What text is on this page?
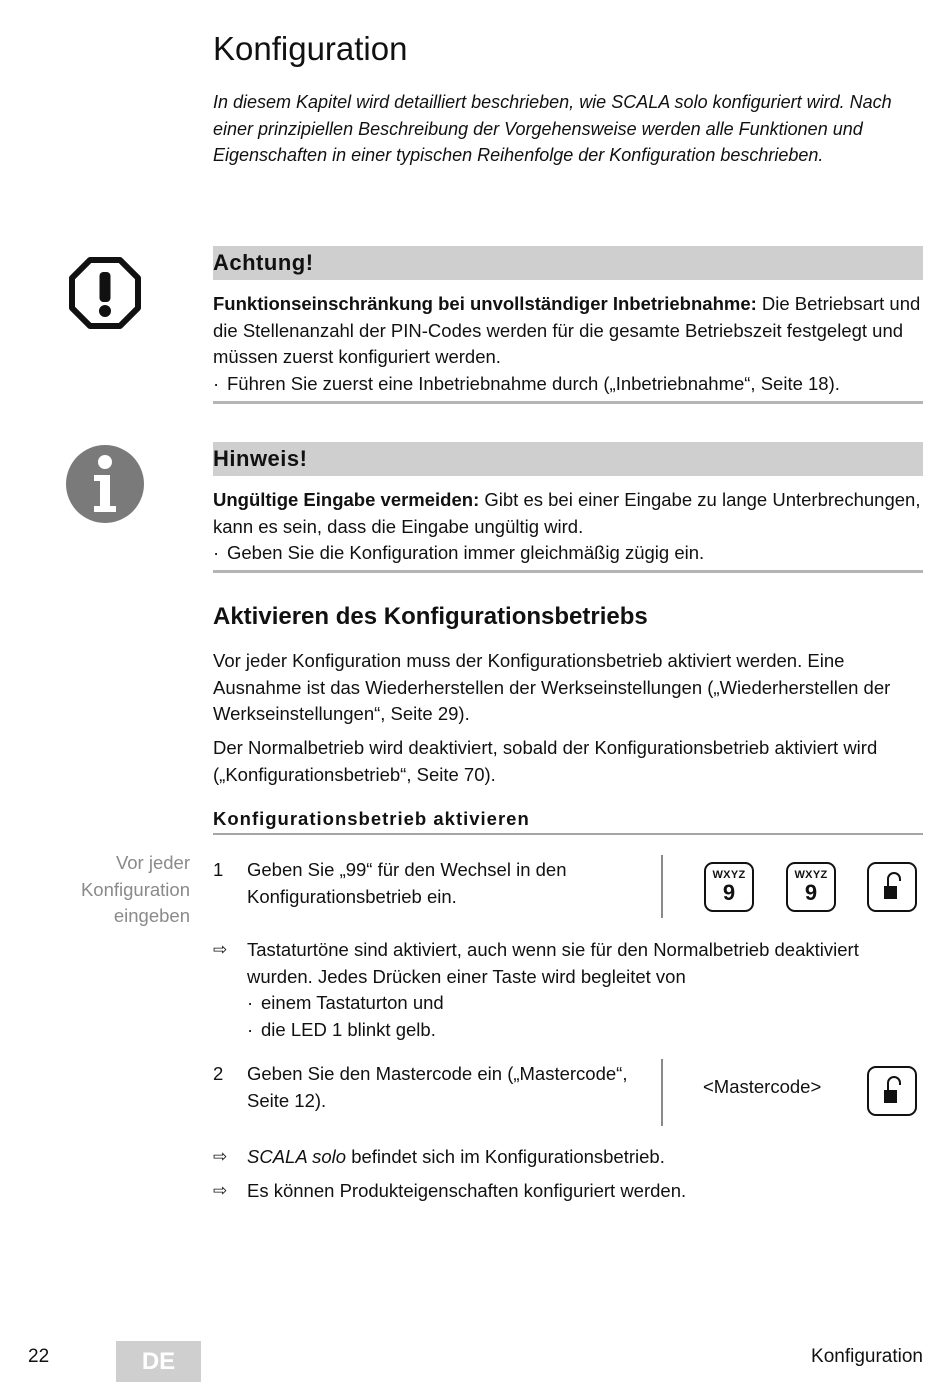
Konfiguration
In diesem Kapitel wird detailliert beschrieben, wie SCALA solo konfiguriert wird. Nach einer prinzipiellen Beschreibung der Vorgehensweise werden alle Funktionen und Eigenschaften in einer typischen Reihenfolge der Konfiguration beschrieben.
Achtung!
Funktionseinschränkung bei unvollständiger Inbetriebnahme: Die Betriebsart und die Stellenanzahl der PIN-Codes werden für die gesamte Betriebszeit festgelegt und müssen zuerst konfiguriert werden.
· Führen Sie zuerst eine Inbetriebnahme durch („Inbetriebnahme“, Seite 18).
Hinweis!
Ungültige Eingabe vermeiden: Gibt es bei einer Eingabe zu lange Unterbrechungen, kann es sein, dass die Eingabe ungültig wird.
· Geben Sie die Konfiguration immer gleichmäßig zügig ein.
Aktivieren des Konfigurationsbetriebs
Vor jeder Konfiguration muss der Konfigurationsbetrieb aktiviert werden. Eine Ausnahme ist das Wiederherstellen der Werkseinstellungen („Wiederherstellen der Werkseinstellungen“, Seite 29).
Der Normalbetrieb wird deaktiviert, sobald der Konfigurationsbetrieb aktiviert wird („Konfigurationsbetrieb“, Seite 70).
Konfigurationsbetrieb aktivieren
Vor jeder Konfiguration eingeben
1 Geben Sie „99“ für den Wechsel in den Konfigurationsbetrieb ein.
WXYZ
9
WXYZ
9
⇨ Tastaturtöne sind aktiviert, auch wenn sie für den Normalbetrieb deaktiviert wurden. Jedes Drücken einer Taste wird begleitet von
· einem Tastaturton und
· die LED 1 blinkt gelb.
2 Geben Sie den Mastercode ein („Mastercode“, Seite 12).
<Mastercode>
⇨ SCALA solo befindet sich im Konfigurationsbetrieb.
⇨ Es können Produkteigenschaften konfiguriert werden.
22	DE	Konfiguration
